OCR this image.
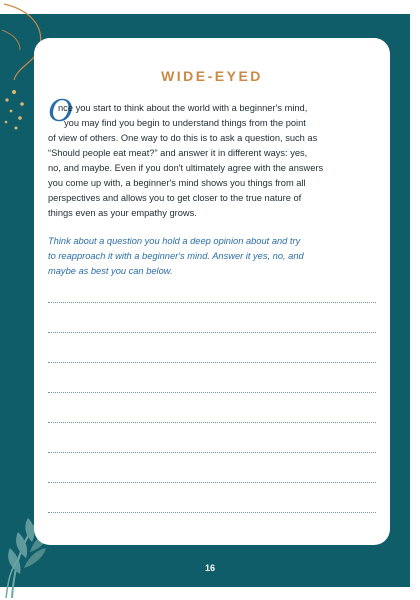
WIDE-EYED
O
nce you start to think about the world with a beginner's mind,
you may find you begin to understand things from the point
of view of others. One way to do this is to ask a question, such as
“Should people eat meat?” and answer it in different ways: yes,
no, and maybe. Even if you don't ultimately agree with the answers
you come up with, a beginner's mind shows you things from all
perspectives and allows you to get closer to the true nature of
things even as your empathy grows.
Think about a question you hold a deep opinion about and try
to reapproach it with a beginner's mind. Answer it yes, no, and
maybe as best you can below.
16
